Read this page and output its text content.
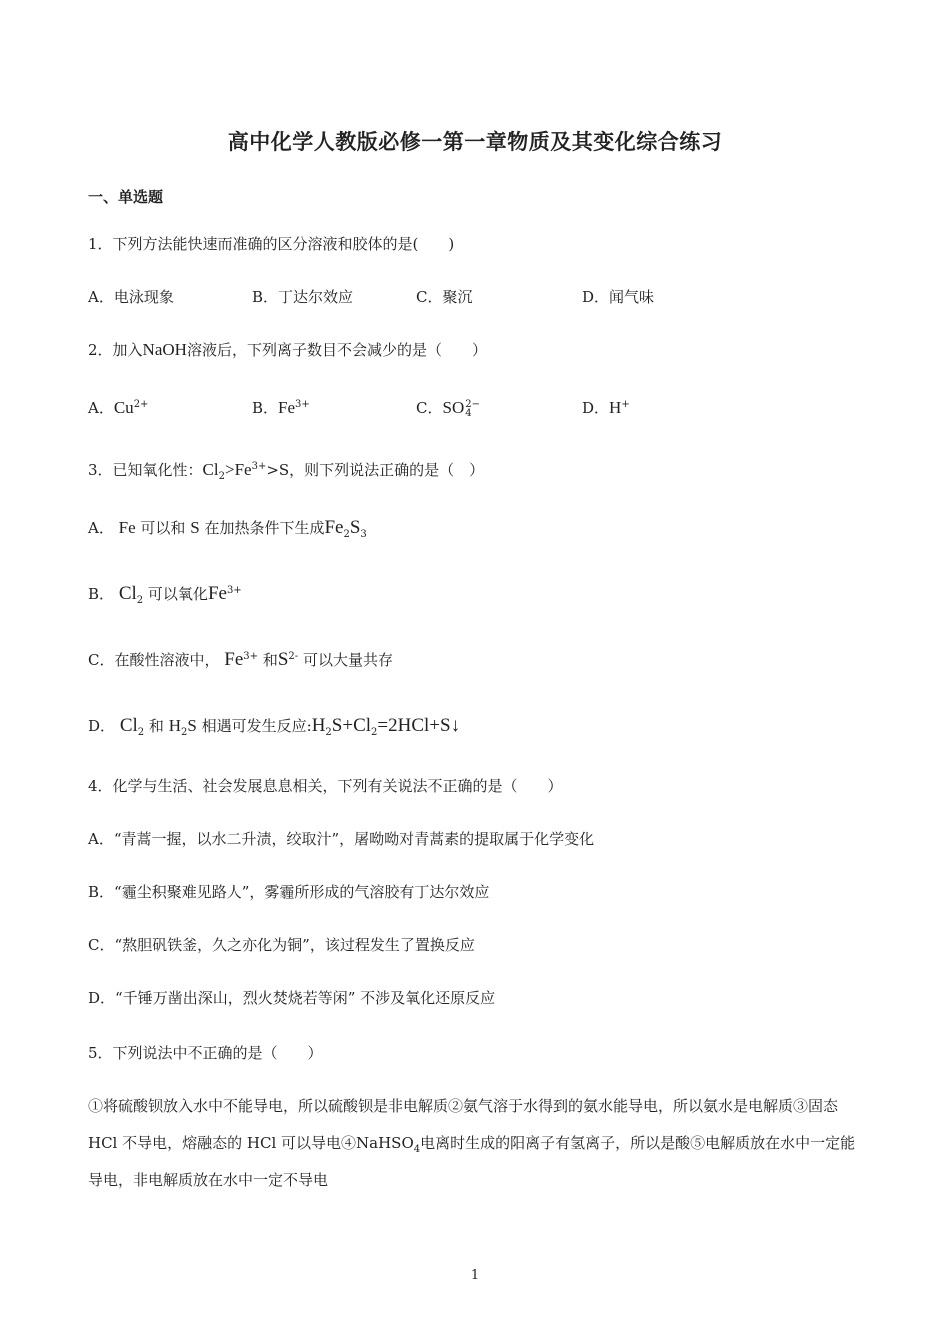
高中化学人教版必修一第一章物质及其变化综合练习
一、单选题
1．下列方法能快速而准确的区分溶液和胶体的是(　　)
A．电泳现象	B．丁达尔效应	C．聚沉	D．闻气味
2．加入NaOH溶液后，下列离子数目不会减少的是（　　）
A．$Cu^{2+}$	B．$Fe^{3+}$	C．SO 2−
4	D．H+
3．已知氧化性：$Cl_2>Fe^{3+}>S$，则下列说法正确的是（　）
A． Fe 可以和 S 在加热条件下生成$Fe_2S_3$
B． $Cl_2$ 可以氧化$Fe^{3+}$
C．在酸性溶液中， $Fe^{3+}$ 和$S^{2-}$ 可以大量共存
D． $Cl_2$ 和 $H_2S$ 相遇可发生反应$:H_2S+Cl_2=2HCl+S↓$
4．化学与生活、社会发展息息相关，下列有关说法不正确的是（　　）
A．“青蒿一握，以水二升渍，绞取汁”，屠呦呦对青蒿素的提取属于化学变化
B．“霾尘积聚难见路人”，雾霾所形成的气溶胶有丁达尔效应
C．“熬胆矾铁釜，久之亦化为铜”，该过程发生了置换反应
D．“千锤万凿出深山，烈火焚烧若等闲” 不涉及氧化还原反应
5．下列说法中不正确的是（　　）
①将硫酸钡放入水中不能导电，所以硫酸钡是非电解质②氨气溶于水得到的氨水能导电，所以氨水是电解质③固态 HCl 不导电，熔融态的 HCl 可以导电④NaHSO$_4$电离时生成的阳离子有氢离子，所以是酸⑤电解质放在水中一定能导电，非电解质放在水中一定不导电
1
